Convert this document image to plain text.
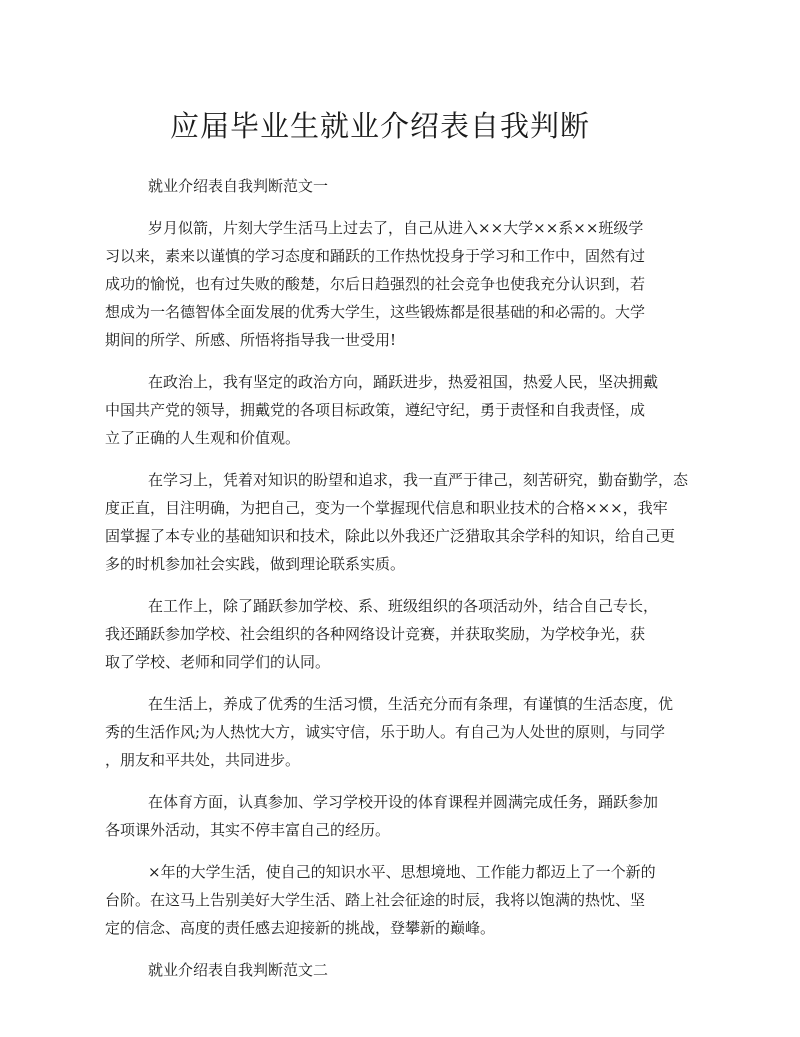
应届毕业生就业介绍表自我判断

就业介绍表自我判断范文一

岁月似箭，片刻大学生活马上过去了，自己从进入××大学××系××班级学
习以来，素来以谨慎的学习态度和踊跃的工作热忱投身于学习和工作中，固然有过
成功的愉悦，也有过失败的酸楚，尔后日趋强烈的社会竞争也使我充分认识到，若
想成为一名德智体全面发展的优秀大学生，这些锻炼都是很基础的和必需的。大学
期间的所学、所感、所悟将指导我一世受用!

在政治上，我有坚定的政治方向，踊跃进步，热爱祖国，热爱人民，坚决拥戴
中国共产党的领导，拥戴党的各项目标政策，遵纪守纪，勇于责怪和自我责怪，成
立了正确的人生观和价值观。

在学习上，凭着对知识的盼望和追求，我一直严于律己，刻苦研究，勤奋勤学，态
度正直，目注明确，为把自己，变为一个掌握现代信息和职业技术的合格×××，我牢
固掌握了本专业的基础知识和技术，除此以外我还广泛猎取其余学科的知识，给自己更
多的时机参加社会实践，做到理论联系实质。

在工作上，除了踊跃参加学校、系、班级组织的各项活动外，结合自己专长，
我还踊跃参加学校、社会组织的各种网络设计竞赛，并获取奖励，为学校争光，获
取了学校、老师和同学们的认同。

在生活上，养成了优秀的生活习惯，生活充分而有条理，有谨慎的生活态度，优
秀的生活作风;为人热忱大方，诚实守信，乐于助人。有自己为人处世的原则，与同学
，朋友和平共处，共同进步。

在体育方面，认真参加、学习学校开设的体育课程并圆满完成任务，踊跃参加
各项课外活动，其实不停丰富自己的经历。

×年的大学生活，使自己的知识水平、思想境地、工作能力都迈上了一个新的
台阶。在这马上告别美好大学生活、踏上社会征途的时辰，我将以饱满的热忱、坚
定的信念、高度的责任感去迎接新的挑战，登攀新的巅峰。

就业介绍表自我判断范文二
